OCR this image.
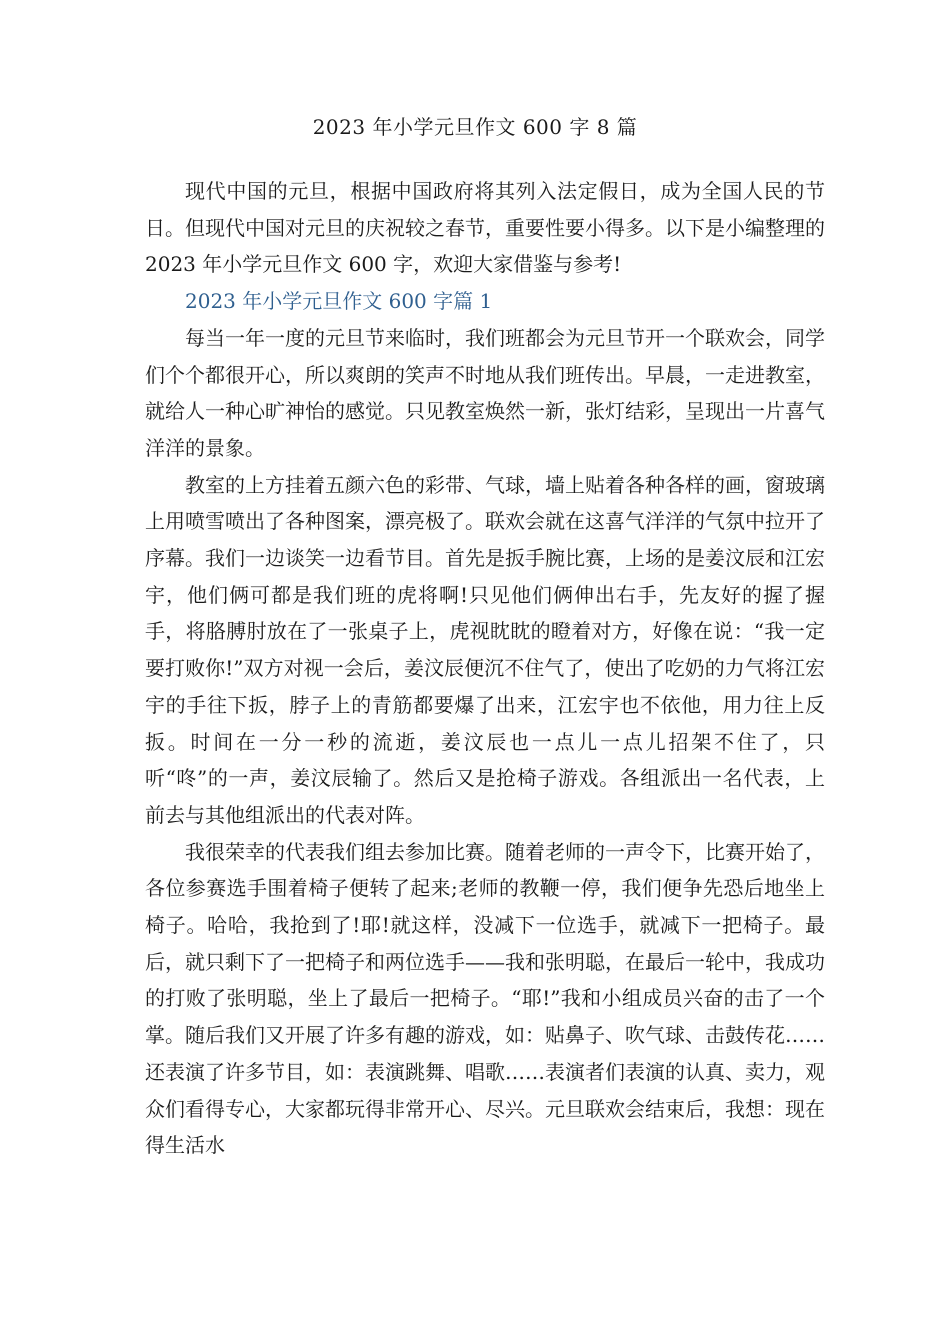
2023 年小学元旦作文 600 字 8 篇

现代中国的元旦，根据中国政府将其列入法定假日，成为全国人民的节日。但现代中国对元旦的庆祝较之春节，重要性要小得多。以下是小编整理的 2023 年小学元旦作文 600 字，欢迎大家借鉴与参考!

2023 年小学元旦作文 600 字篇 1

每当一年一度的元旦节来临时，我们班都会为元旦节开一个联欢会，同学们个个都很开心，所以爽朗的笑声不时地从我们班传出。早晨，一走进教室，就给人一种心旷神怡的感觉。只见教室焕然一新，张灯结彩，呈现出一片喜气洋洋的景象。

教室的上方挂着五颜六色的彩带、气球，墙上贴着各种各样的画，窗玻璃上用喷雪喷出了各种图案，漂亮极了。联欢会就在这喜气洋洋的气氛中拉开了序幕。我们一边谈笑一边看节目。首先是扳手腕比赛，上场的是姜汶辰和江宏宇，他们俩可都是我们班的虎将啊!只见他们俩伸出右手，先友好的握了握手，将胳膊肘放在了一张桌子上，虎视眈眈的瞪着对方，好像在说：“我一定要打败你!”双方对视一会后，姜汶辰便沉不住气了，使出了吃奶的力气将江宏宇的手往下扳，脖子上的青筋都要爆了出来，江宏宇也不依他，用力往上反扳。时间在一分一秒的流逝，姜汶辰也一点儿一点儿招架不住了，只听“咚”的一声，姜汶辰输了。然后又是抢椅子游戏。各组派出一名代表，上前去与其他组派出的代表对阵。

我很荣幸的代表我们组去参加比赛。随着老师的一声令下，比赛开始了，各位参赛选手围着椅子便转了起来;老师的教鞭一停，我们便争先恐后地坐上椅子。哈哈，我抢到了!耶!就这样，没减下一位选手，就减下一把椅子。最后，就只剩下了一把椅子和两位选手——我和张明聪，在最后一轮中，我成功的打败了张明聪，坐上了最后一把椅子。“耶!”我和小组成员兴奋的击了一个掌。随后我们又开展了许多有趣的游戏，如：贴鼻子、吹气球、击鼓传花……还表演了许多节目，如：表演跳舞、唱歌……表演者们表演的认真、卖力，观众们看得专心，大家都玩得非常开心、尽兴。元旦联欢会结束后，我想：现在得生活水
